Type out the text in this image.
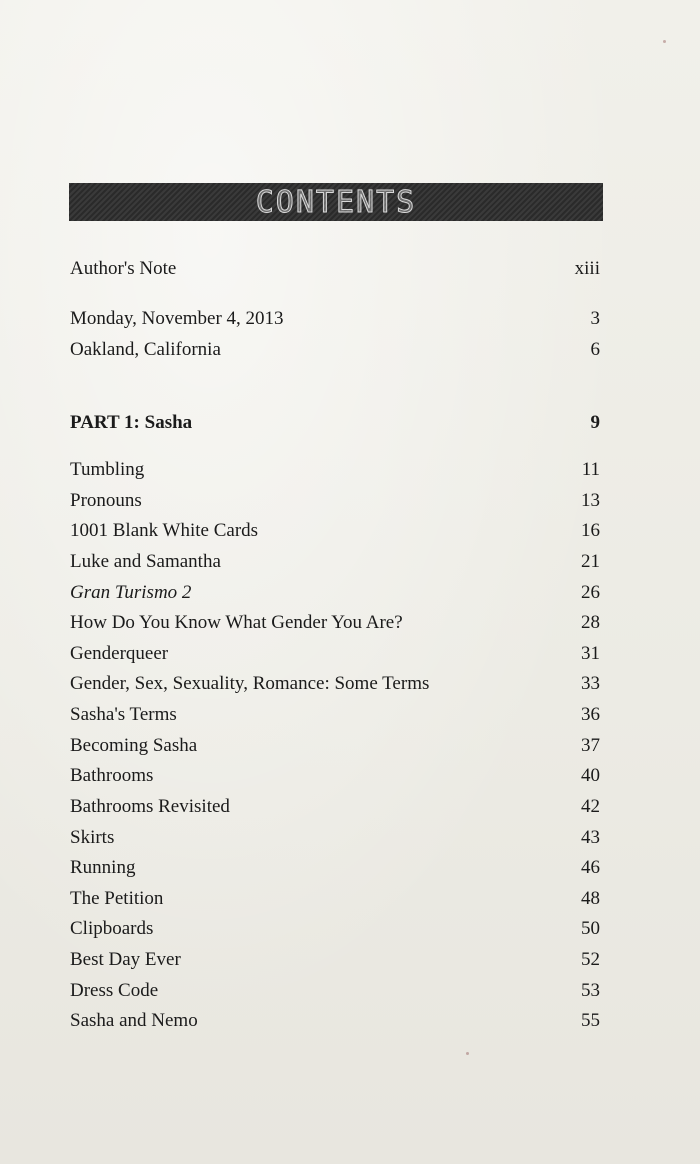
CONTENTS
Author's Note	xiii
Monday, November 4, 2013	3
Oakland, California	6
PART 1: Sasha	9
Tumbling	11
Pronouns	13
1001 Blank White Cards	16
Luke and Samantha	21
Gran Turismo 2	26
How Do You Know What Gender You Are?	28
Genderqueer	31
Gender, Sex, Sexuality, Romance: Some Terms	33
Sasha's Terms	36
Becoming Sasha	37
Bathrooms	40
Bathrooms Revisited	42
Skirts	43
Running	46
The Petition	48
Clipboards	50
Best Day Ever	52
Dress Code	53
Sasha and Nemo	55
